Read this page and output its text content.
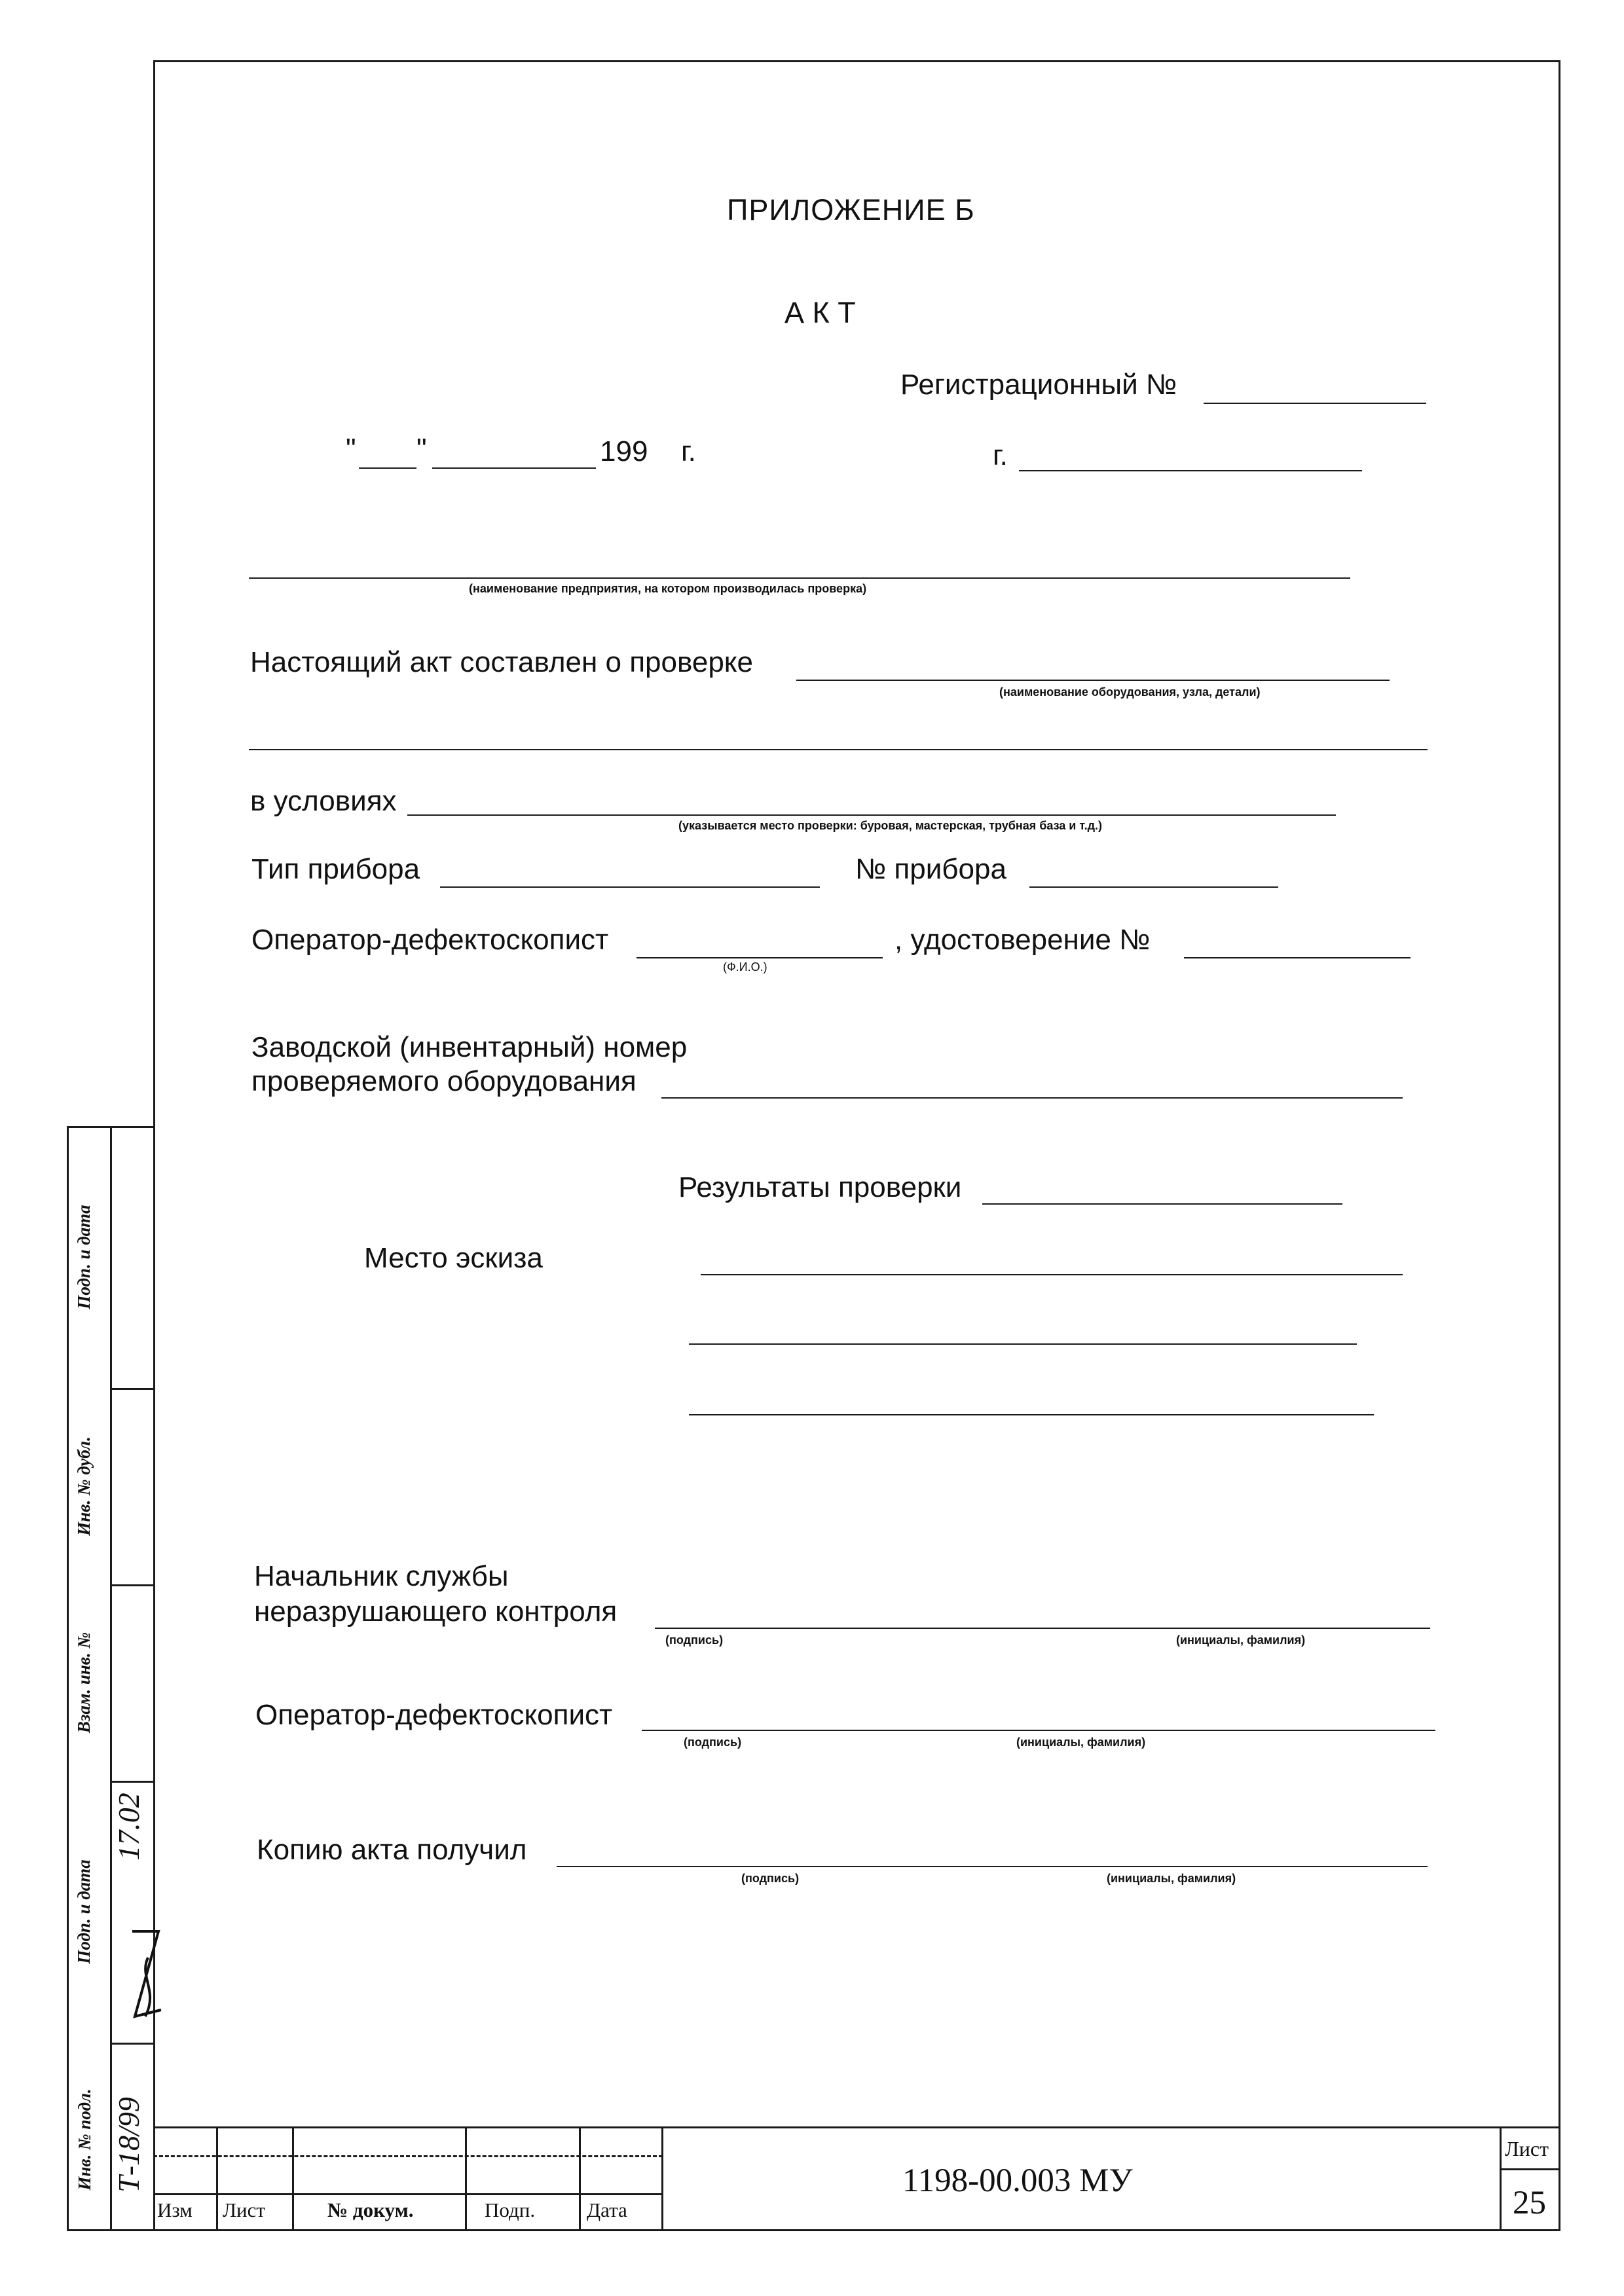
ПРИЛОЖЕНИЕ Б
А К Т
Регистрационный №
" "	199 г.	г.
(наименование предприятия, на котором производилась проверка)
Настоящий акт составлен о проверке
(наименование оборудования, узла, детали)
в условиях
(указывается место проверки: буровая, мастерская, трубная база и т.д.)
Тип прибора	№ прибора
Оператор-дефектоскопист
(Ф.И.О.)
, удостоверение №
Заводской (инвентарный) номер
проверяемого оборудования
Результаты проверки
Место эскиза
Начальник службы
неразрушающего контроля
(подпись)	(инициалы, фамилия)
Оператор-дефектоскопист
(подпись)	(инициалы, фамилия)
Копию акта получил
(подпись)	(инициалы, фамилия)
Инв. № подл.
Подп. и дата
Взам. инв. №
Инв. № дубл.
Подп. и дата
Т-18/99
17.02
Изм Лист	№ докум.	Подп.	Дата
1198-00.003 МУ
Лист
25
